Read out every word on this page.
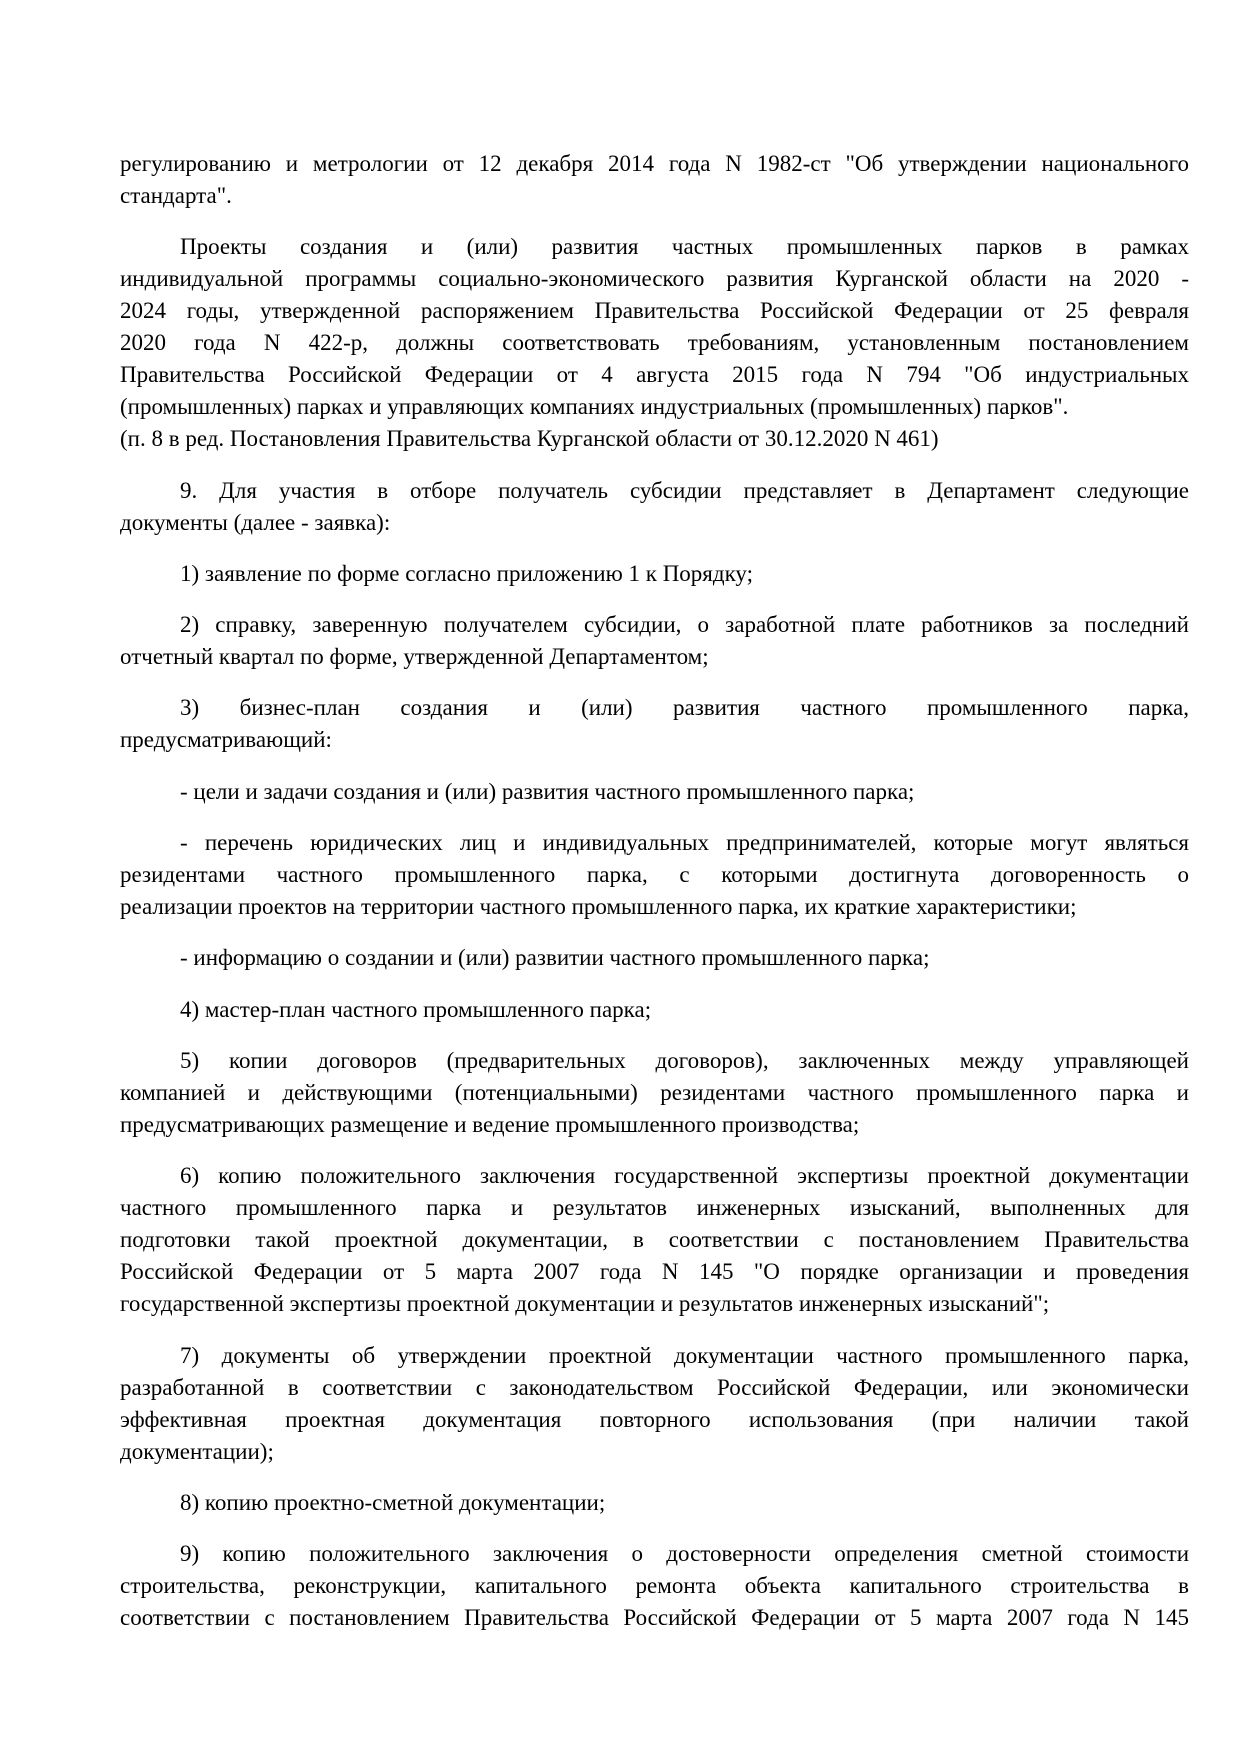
регулированию и метрологии от 12 декабря 2014 года N 1982-ст "Об утверждении национального
стандарта".
Проекты создания и (или) развития частных промышленных парков в рамках
индивидуальной программы социально-экономического развития Курганской области на 2020 -
2024 годы, утвержденной распоряжением Правительства Российской Федерации от 25 февраля
2020 года N 422-р, должны соответствовать требованиям, установленным постановлением
Правительства Российской Федерации от 4 августа 2015 года N 794 "Об индустриальных
(промышленных) парках и управляющих компаниях индустриальных (промышленных) парков".
(п. 8 в ред. Постановления Правительства Курганской области от 30.12.2020 N 461)
9. Для участия в отборе получатель субсидии представляет в Департамент следующие
документы (далее - заявка):
1) заявление по форме согласно приложению 1 к Порядку;
2) справку, заверенную получателем субсидии, о заработной плате работников за последний
отчетный квартал по форме, утвержденной Департаментом;
3) бизнес-план создания и (или) развития частного промышленного парка,
предусматривающий:
- цели и задачи создания и (или) развития частного промышленного парка;
- перечень юридических лиц и индивидуальных предпринимателей, которые могут являться
резидентами частного промышленного парка, с которыми достигнута договоренность о
реализации проектов на территории частного промышленного парка, их краткие характеристики;
- информацию о создании и (или) развитии частного промышленного парка;
4) мастер-план частного промышленного парка;
5) копии договоров (предварительных договоров), заключенных между управляющей
компанией и действующими (потенциальными) резидентами частного промышленного парка и
предусматривающих размещение и ведение промышленного производства;
6) копию положительного заключения государственной экспертизы проектной документации
частного промышленного парка и результатов инженерных изысканий, выполненных для
подготовки такой проектной документации, в соответствии с постановлением Правительства
Российской Федерации от 5 марта 2007 года N 145 "О порядке организации и проведения
государственной экспертизы проектной документации и результатов инженерных изысканий";
7) документы об утверждении проектной документации частного промышленного парка,
разработанной в соответствии с законодательством Российской Федерации, или экономически
эффективная проектная документация повторного использования (при наличии такой
документации);
8) копию проектно-сметной документации;
9) копию положительного заключения о достоверности определения сметной стоимости
строительства, реконструкции, капитального ремонта объекта капитального строительства в
соответствии с постановлением Правительства Российской Федерации от 5 марта 2007 года N 145
